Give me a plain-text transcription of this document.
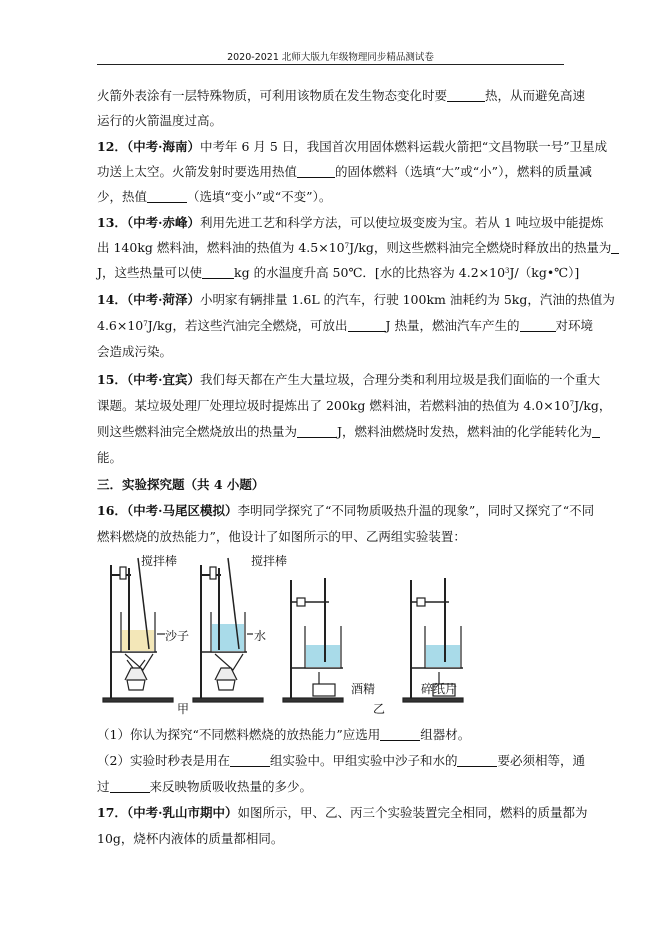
2020-2021 北师大版九年级物理同步精品测试卷
火箭外表涂有一层特殊物质，可利用该物质在发生物态变化时要	热，从而避免高速
运行的火箭温度过高。
12．（中考·海南）中考年 6 月 5 日，我国首次用固体燃料运载火箭把“文昌物联一号”卫星成
功送上太空。火箭发射时要选用热值	的固体燃料（选填“大”或“小”），燃料的质量减
少，热值	（选填“变小”或“不变”）。
13．（中考·赤峰）利用先进工艺和科学方法，可以使垃圾变废为宝。若从 1 吨垃圾中能提炼
出 140kg 燃料油，燃料油的热值为 $4.5\times 10^7J/kg$，则这些燃料油完全燃烧时释放出的热量为
J，这些热量可以使	kg 的水温度升高 50℃．[水的比热容为 $4.2\times 10^3J/(kg•℃)$]
14．（中考·菏泽）小明家有辆排量 1.6L 的汽车，行驶 100km 油耗约为 5kg，汽油的热值为
$4.6\times 10^7J/kg$，若这些汽油完全燃烧，可放出	J 热量，燃油汽车产生的	对环境
会造成污染。
15．（中考·宜宾）我们每天都在产生大量垃圾，合理分类和利用垃圾是我们面临的一个重大
课题。某垃圾处理厂处理垃圾时提炼出了 200kg 燃料油，若燃料油的热值为 $4.0\times 10^7J/kg$，
则这些燃料油完全燃烧放出的热量为	J，燃料油燃烧时发热，燃料油的化学能转化为
能。
三．实验探究题（共 4 小题）
16．（中考·马尾区模拟）李明同学探究了“不同物质吸热升温的现象”，同时又探究了“不同
燃料燃烧的放热能力”，他设计了如图所示的甲、乙两组实验装置：
搅拌棒	搅拌棒
沙子	水
酒精	碎纸片
甲	乙
（1）你认为探究“不同燃料燃烧的放热能力”应选用	组器材。
（2）实验时秒表是用在	组实验中。甲组实验中沙子和水的	要必须相等，通
过	来反映物质吸收热量的多少。
17．（中考·乳山市期中）如图所示，甲、乙、丙三个实验装置完全相同，燃料的质量都为
10g，烧杯内液体的质量都相同。
